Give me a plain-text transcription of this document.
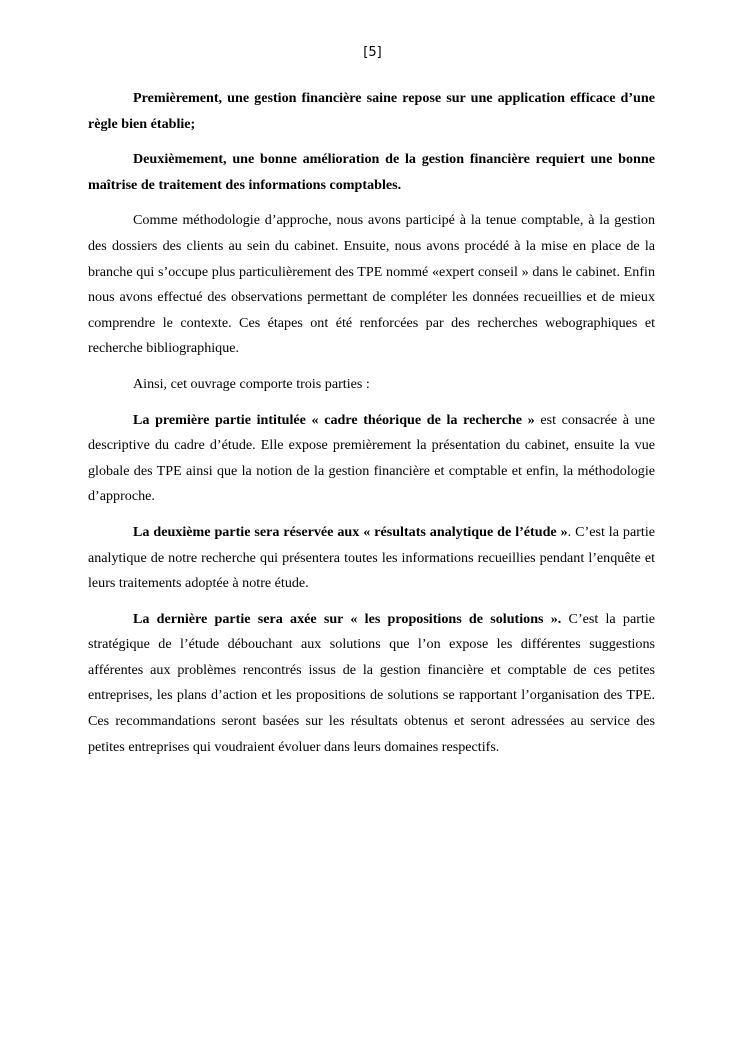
[5]

Premièrement, une gestion financière saine repose sur une application efficace d’une règle bien établie;

Deuxièmement, une bonne amélioration de la gestion financière requiert une bonne maîtrise de traitement des informations comptables.

Comme méthodologie d’approche, nous avons participé à la tenue comptable, à la gestion des dossiers des clients au sein du cabinet. Ensuite, nous avons procédé à la mise en place de la branche qui s’occupe plus particulièrement des TPE nommé «expert conseil » dans le cabinet. Enfin nous avons effectué des observations permettant de compléter les données recueillies et de mieux comprendre le contexte. Ces étapes ont été renforcées par des recherches webographiques et recherche bibliographique.

Ainsi, cet ouvrage comporte trois parties :

La première partie intitulée « cadre théorique de la recherche » est consacrée à une descriptive du cadre d’étude. Elle expose premièrement la présentation du cabinet, ensuite la vue globale des TPE ainsi que la notion de la gestion financière et comptable et enfin, la méthodologie d’approche.

La deuxième partie sera réservée aux « résultats analytique de l’étude ». C’est la partie analytique de notre recherche qui présentera toutes les informations recueillies pendant l’enquête et leurs traitements adoptée à notre étude.

La dernière partie sera axée sur « les propositions de solutions ». C’est la partie stratégique de l’étude débouchant aux solutions que l’on expose les différentes suggestions afférentes aux problèmes rencontrés issus de la gestion financière et comptable de ces petites entreprises, les plans d’action et les propositions de solutions se rapportant l’organisation des TPE. Ces recommandations seront basées sur les résultats obtenus et seront adressées au service des petites entreprises qui voudraient évoluer dans leurs domaines respectifs.
